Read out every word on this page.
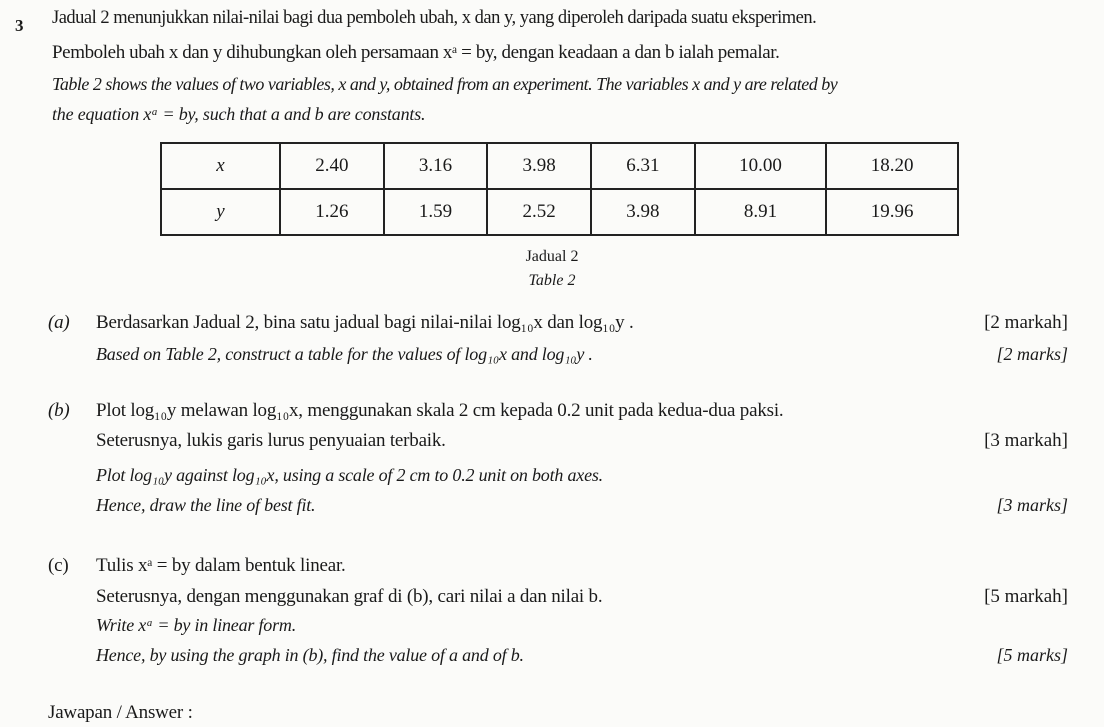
3 Jadual 2 menunjukkan nilai-nilai bagi dua pemboleh ubah, x dan y, yang diperoleh daripada suatu eksperimen.
Pemboleh ubah x dan y dihubungkan oleh persamaan xᵃ = by, dengan keadaan a dan b ialah pemalar.
Table 2 shows the values of two variables, x and y, obtained from an experiment. The variables x and y are related by
the equation xᵃ = by, such that a and b are constants.
x	2.40	3.16	3.98	6.31	10.00	18.20
y	1.26	1.59	2.52	3.98	8.91	19.96
Jadual 2
Table 2
(a) Berdasarkan Jadual 2, bina satu jadual bagi nilai-nilai log₁₀x dan log₁₀y .	[2 markah]
Based on Table 2, construct a table for the values of log₁₀x and log₁₀y .	[2 marks]
(b) Plot log₁₀y melawan log₁₀x, menggunakan skala 2 cm kepada 0.2 unit pada kedua-dua paksi.
Seterusnya, lukis garis lurus penyuaian terbaik.	[3 markah]
Plot log₁₀y against log₁₀x, using a scale of 2 cm to 0.2 unit on both axes.
Hence, draw the line of best fit.	[3 marks]
(c) Tulis xᵃ = by dalam bentuk linear.
Seterusnya, dengan menggunakan graf di (b), cari nilai a dan nilai b.	[5 markah]
Write xᵃ = by in linear form.
Hence, by using the graph in (b), find the value of a and of b.	[5 marks]
Jawapan / Answer :
